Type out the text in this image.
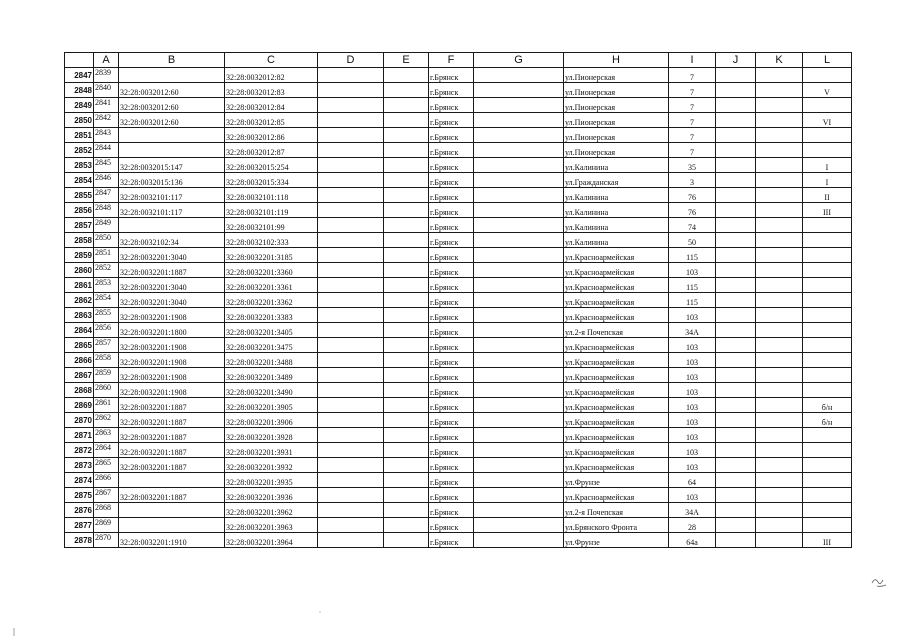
	A	B	C	D	E	F	G	H	I	J	K	L
2847	2839		32:28:0032012:82			г.Брянск		ул.Пионерская	7			
2848	2840	32:28:0032012:60	32:28:0032012:83			г.Брянск		ул.Пионерская	7			V
2849	2841	32:28:0032012:60	32:28:0032012:84			г.Брянск		ул.Пионерская	7			
2850	2842	32:28:0032012:60	32:28:0032012:85			г.Брянск		ул.Пионерская	7			VI
2851	2843		32:28:0032012:86			г.Брянск		ул.Пионерская	7			
2852	2844		32:28:0032012:87			г.Брянск		ул.Пионерская	7			
2853	2845	32:28:0032015:147	32:28:0032015:254			г.Брянск		ул.Калинина	35			I
2854	2846	32:28:0032015:136	32:28:0032015:334			г.Брянск		ул.Гражданская	3			I
2855	2847	32:28:0032101:117	32:28:0032101:118			г.Брянск		ул.Калинина	76			II
2856	2848	32:28:0032101:117	32:28:0032101:119			г.Брянск		ул.Калинина	76			III
2857	2849		32:28:0032101:99			г.Брянск		ул.Калинина	74			
2858	2850	32:28:0032102:34	32:28:0032102:333			г.Брянск		ул.Калинина	50			
2859	2851	32:28:0032201:3040	32:28:0032201:3185			г.Брянск		ул.Красноармейская	115			
2860	2852	32:28:0032201:1887	32:28:0032201:3360			г.Брянск		ул.Красноармейская	103			
2861	2853	32:28:0032201:3040	32:28:0032201:3361			г.Брянск		ул.Красноармейская	115			
2862	2854	32:28:0032201:3040	32:28:0032201:3362			г.Брянск		ул.Красноармейская	115			
2863	2855	32:28:0032201:1908	32:28:0032201:3383			г.Брянск		ул.Красноармейская	103			
2864	2856	32:28:0032201:1800	32:28:0032201:3405			г.Брянск		ул.2-я Почепская	34А			
2865	2857	32:28:0032201:1908	32:28:0032201:3475			г.Брянск		ул.Красноармейская	103			
2866	2858	32:28:0032201:1908	32:28:0032201:3488			г.Брянск		ул.Красноармейская	103			
2867	2859	32:28:0032201:1908	32:28:0032201:3489			г.Брянск		ул.Красноармейская	103			
2868	2860	32:28:0032201:1908	32:28:0032201:3490			г.Брянск		ул.Красноармейская	103			
2869	2861	32:28:0032201:1887	32:28:0032201:3905			г.Брянск		ул.Красноармейская	103			б/н
2870	2862	32:28:0032201:1887	32:28:0032201:3906			г.Брянск		ул.Красноармейская	103			б/н
2871	2863	32:28:0032201:1887	32:28:0032201:3928			г.Брянск		ул.Красноармейская	103			
2872	2864	32:28:0032201:1887	32:28:0032201:3931			г.Брянск		ул.Красноармейская	103			
2873	2865	32:28:0032201:1887	32:28:0032201:3932			г.Брянск		ул.Красноармейская	103			
2874	2866		32:28:0032201:3935			г.Брянск		ул.Фрунзе	64			
2875	2867	32:28:0032201:1887	32:28:0032201:3936			г.Брянск		ул.Красноармейская	103			
2876	2868		32:28:0032201:3962			г.Брянск		ул.2-я Почепская	34А			
2877	2869		32:28:0032201:3963			г.Брянск		ул.Брянского Фронта	28			
2878	2870	32:28:0032201:1910	32:28:0032201:3964			г.Брянск		ул.Фрунзе	64а			III
